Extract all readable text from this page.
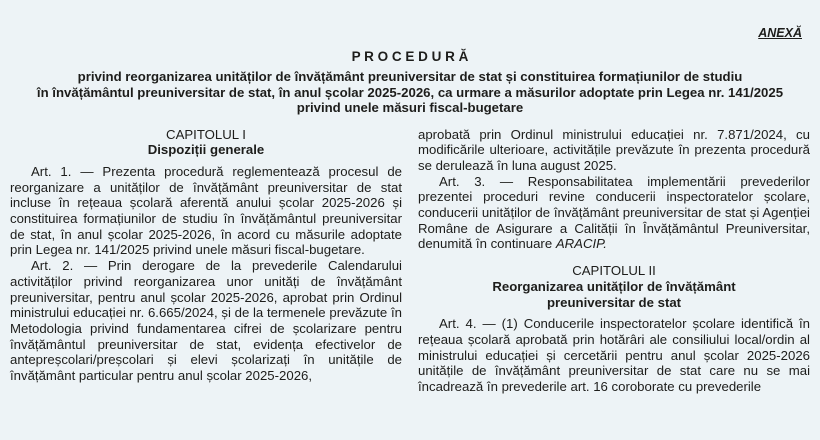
ANEXĂ
P R O C E D U R Ă
privind reorganizarea unităților de învățământ preuniversitar de stat și constituirea formațiunilor de studiu
în învățământul preuniversitar de stat, în anul școlar 2025-2026, ca urmare a măsurilor adoptate prin Legea nr. 141/2025
privind unele măsuri fiscal-bugetare
CAPITOLUL I
Dispoziții generale

Art. 1. — Prezenta procedură reglementează procesul de reorganizare a unităților de învățământ preuniversitar de stat incluse în rețeaua școlară aferentă anului școlar 2025-2026 și constituirea formațiunilor de studiu în învățământul preuniversitar de stat, în anul școlar 2025-2026, în acord cu măsurile adoptate prin Legea nr. 141/2025 privind unele măsuri fiscal-bugetare.

Art. 2. — Prin derogare de la prevederile Calendarului activităților privind reorganizarea unor unități de învățământ preuniversitar, pentru anul școlar 2025-2026, aprobat prin Ordinul ministrului educației nr. 6.665/2024, și de la termenele prevăzute în Metodologia privind fundamentarea cifrei de școlarizare pentru învățământul preuniversitar de stat, evidența efectivelor de antepreșcolari/preșcolari și elevi școlarizați în unitățile de învățământ particular pentru anul școlar 2025-2026,

aprobată prin Ordinul ministrului educației nr. 7.871/2024, cu modificările ulterioare, activitățile prevăzute în prezenta procedură se derulează în luna august 2025.

Art. 3. — Responsabilitatea implementării prevederilor prezentei proceduri revine conducerii inspectoratelor școlare, conducerii unităților de învățământ preuniversitar de stat și Agenției Române de Asigurare a Calității în Învățământul Preuniversitar, denumită în continuare ARACIP.

CAPITOLUL II
Reorganizarea unităților de învățământ
preuniversitar de stat

Art. 4. — (1) Conducerile inspectoratelor școlare identifică în rețeaua școlară aprobată prin hotărâri ale consiliului local/ordin al ministrului educației și cercetării pentru anul școlar 2025-2026 unitățile de învățământ preuniversitar de stat care nu se mai încadrează în prevederile art. 16 coroborate cu prevederile
